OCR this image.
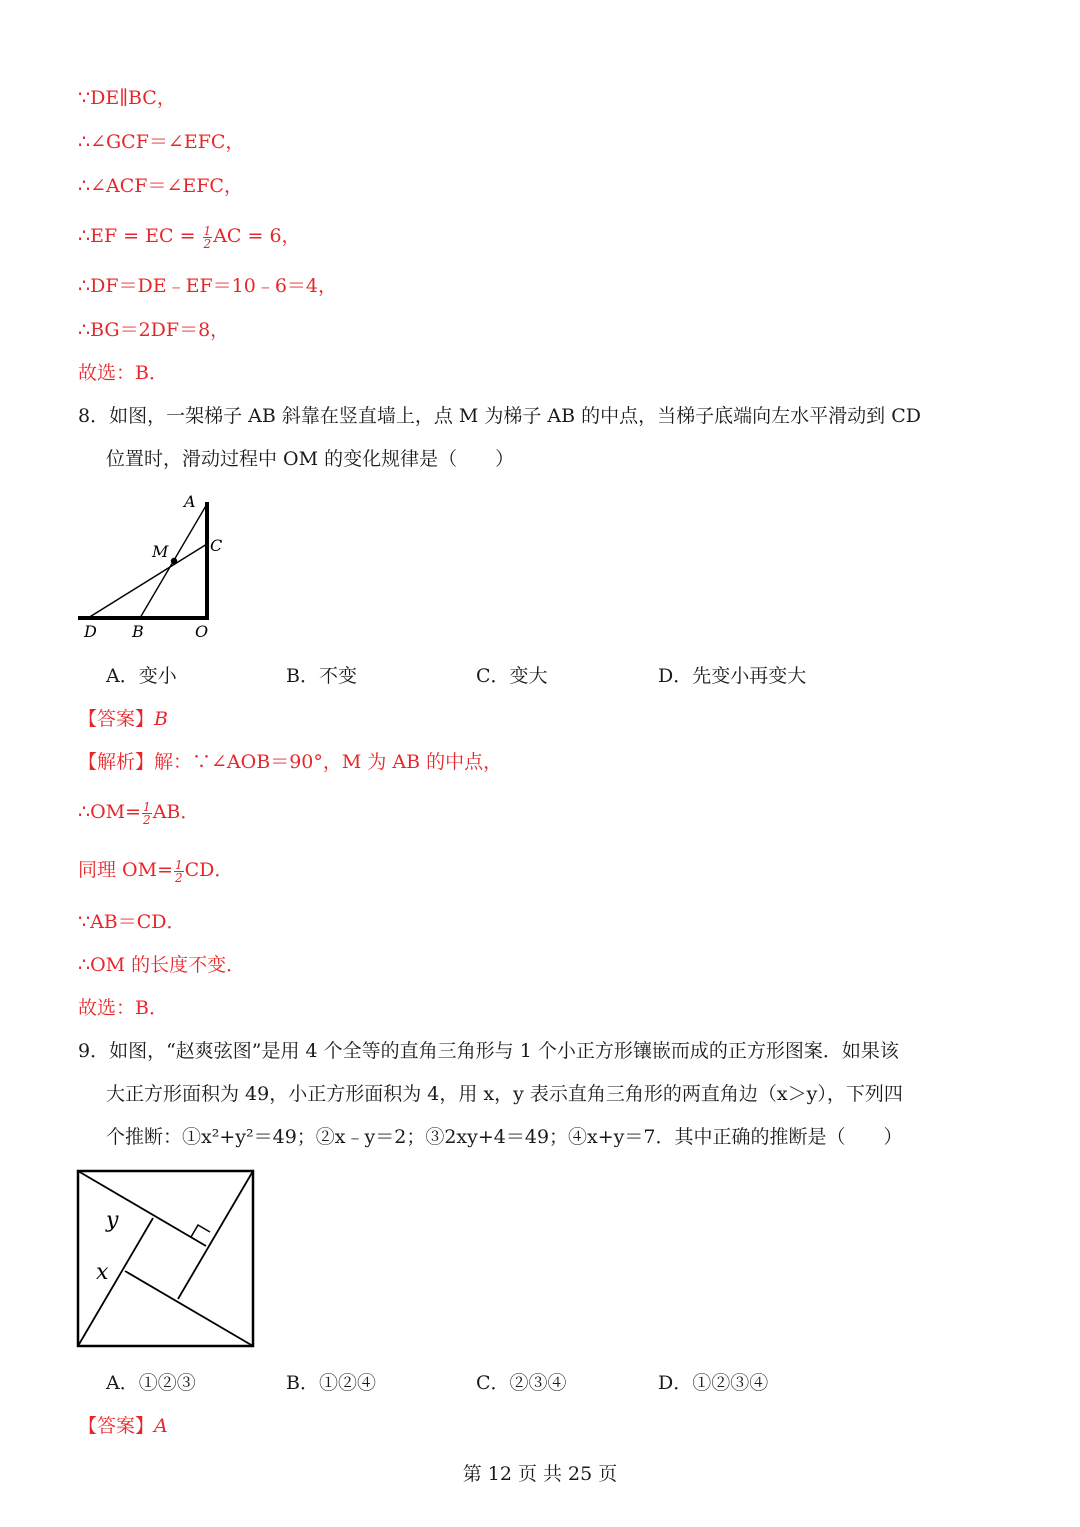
∵DE∥BC，
∴∠GCF＝∠EFC，
∴∠ACF＝∠EFC，
∴EF = EC = $\frac{1}{2}$ AC = 6，
∴DF＝DE﹣EF＝10﹣6＝4，
∴BG＝2DF＝8，
故选：B．
8．如图，一架梯子 AB 斜靠在竖直墙上，点 M 为梯子 AB 的中点，当梯子底端向左水平滑动到 CD
位置时，滑动过程中 OM 的变化规律是（　　）
A
C
M
D B	O
A．变小	B．不变	C．变大	D．先变小再变大
【答案】B
【解析】解：∵∠AOB＝90°，M 为 AB 的中点，
∴OM= $\frac{1}{2}$ AB．
同理 $OM= \frac{1}{2}$ CD．
∵AB＝CD．
∴OM 的长度不变．
故选：B．
9．如图，“赵爽弦图”是用 4 个全等的直角三角形与 1 个小正方形镶嵌而成的正方形图案．如果该
大正方形面积为 49，小正方形面积为 4，用 x，y 表示直角三角形的两直角边（x＞y），下列四
个推断：①x²+y²＝49；②x﹣y＝2；③2xy+4＝49；④x+y＝7．其中正确的推断是（　　）
y
x
A．①②③	B．①②④	C．②③④	D．①②③④
【答案】A
第 12 页 共 25 页
